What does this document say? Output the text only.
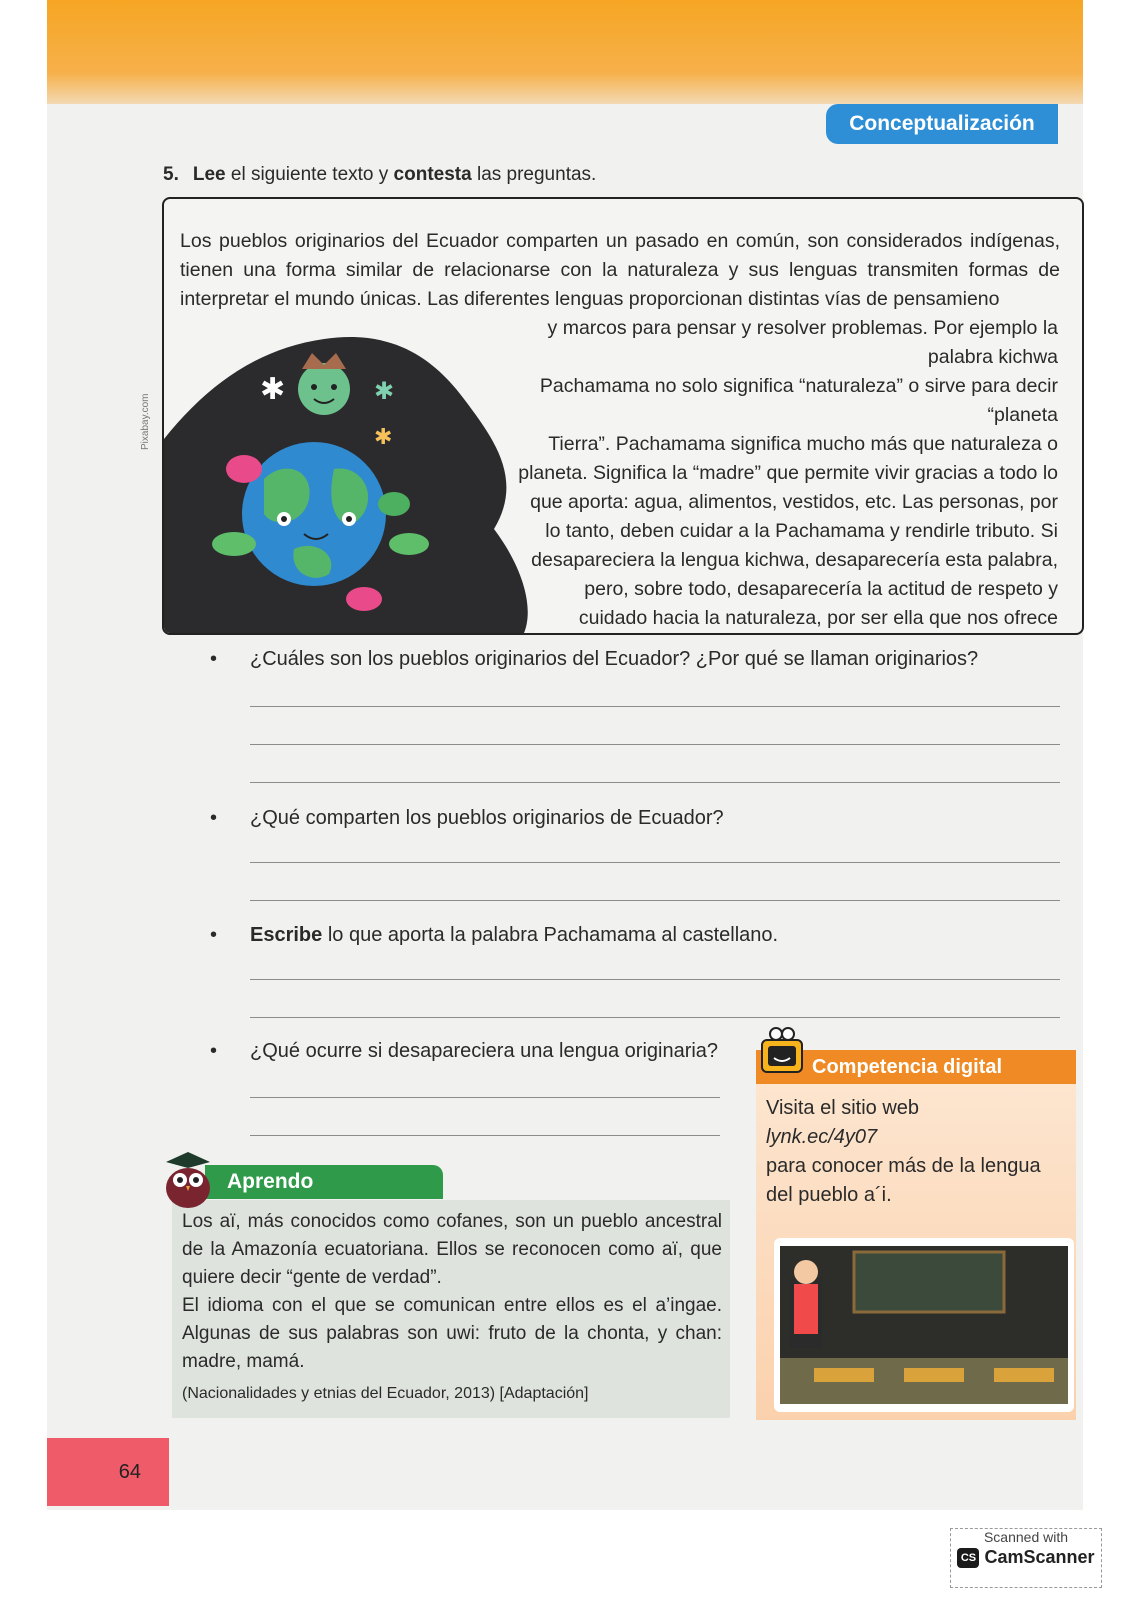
Conceptualización
5. Lee el siguiente texto y contesta las preguntas.
Pixabay.com
Los pueblos originarios del Ecuador comparten un pasado en común, son considerados indígenas, tienen una forma similar de relacionarse con la naturaleza y sus lenguas transmiten formas de interpretar el mundo únicas. Las diferentes lenguas proporcionan distintas vías de pensamieno
✱
✱
✱
y marcos para pensar y resolver problemas. Por ejemplo la palabra kichwa
Pachamama no solo significa “naturaleza” o sirve para decir “planeta
Tierra”. Pachamama significa mucho más que naturaleza o
planeta. Significa la “madre” que permite vivir gracias a todo lo
que aporta: agua, alimentos, vestidos, etc. Las personas, por
lo tanto, deben cuidar a la Pachamama y rendirle tributo. Si
desapareciera la lengua kichwa, desaparecería esta palabra,
pero, sobre todo, desaparecería la actitud de respeto y
cuidado hacia la naturaleza, por ser ella que nos ofrece
• ¿Cuáles son los pueblos originarios del Ecuador? ¿Por qué se llaman originarios?
• ¿Qué comparten los pueblos originarios de Ecuador?
• Escribe lo que aporta la palabra Pachamama al castellano.
• ¿Qué ocurre si desapareciera una lengua originaria?

Los aï, más conocidos como cofanes, son un pueblo ancestral de la Amazonía ecuatoriana. Ellos se reconocen como aï, que quiere decir “gente de verdad”.

El idioma con el que se comunican entre ellos es el a’ingae. Algunas de sus palabras son uwi: fruto de la chonta, y chan: madre, mamá.

(Nacionalidades y etnias del Ecuador, 2013) [Adaptación]

Aprendo
Competencia digital
Visita el sitio web
lynk.ec/4y07
para conocer más de la lengua del pueblo a´i.
64
Scanned with
CS CamScanner
